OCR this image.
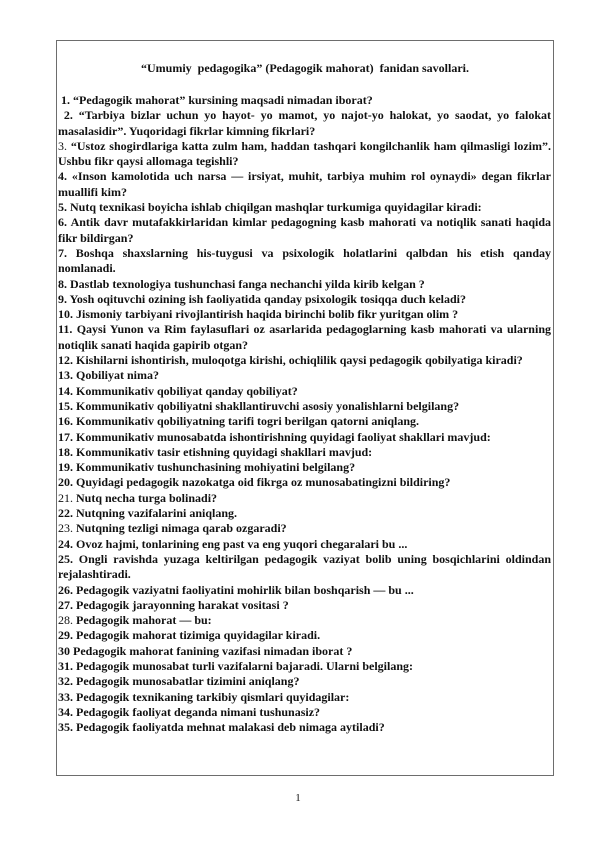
“Umumiy  pedagogika” (Pedagogik mahorat)  fanidan savollari.
1. “Pedagogik mahorat” kursining maqsadi nimadan iborat?
2. “Tarbiya bizlar uchun yo hayot- yo mamot, yo najot-yo halokat, yo saodat, yo falokat masalasidir”. Yuqoridagi fikrlar kimning fikrlari?
3. “Ustoz shogirdlariga katta zulm ham, haddan tashqari kongilchanlik ham qilmasligi lozim”. Ushbu fikr qaysi allomaga tegishli?
4. «Inson kamolotida uch narsa — irsiyat, muhit, tarbiya muhim rol oynaydi» degan fikrlar muallifi kim?
5. Nutq texnikasi boyicha ishlab chiqilgan mashqlar turkumiga quyidagilar kiradi:
6. Antik davr mutafakkirlaridan kimlar pedagogning kasb mahorati va notiqlik sanati haqida fikr bildirgan?
7. Boshqa shaxslarning his-tuygusi va psixologik holatlarini qalbdan his etish qanday nomlanadi.
8. Dastlab texnologiya tushunchasi fanga nechanchi yilda kirib kelgan ?
9. Yosh oqituvchi ozining ish faoliyatida qanday psixologik tosiqqa duch keladi?
10. Jismoniy tarbiyani rivojlantirish haqida birinchi bolib fikr yuritgan olim ?
11. Qaysi Yunon va Rim faylasuflari oz asarlarida pedagoglarning kasb mahorati va ularning notiqlik sanati haqida gapirib otgan?
12. Kishilarni ishontirish, muloqotga kirishi, ochiqlilik qaysi pedagogik qobilyatiga kiradi?
13. Qobiliyat nima?
14. Kommunikativ qobiliyat qanday qobiliyat?
15. Kommunikativ qobiliyatni shakllantiruvchi asosiy yonalishlarni belgilang?
16. Kommunikativ qobiliyatning tarifi togri berilgan qatorni aniqlang.
17. Kommunikativ munosabatda ishontirishning quyidagi faoliyat shakllari mavjud:
18. Kommunikativ tasir etishning quyidagi shakllari mavjud:
19. Kommunikativ tushunchasining mohiyatini belgilang?
20. Quyidagi pedagogik nazokatga oid fikrga oz munosabatingizni bildiring?
21. Nutq necha turga bolinadi?
22. Nutqning vazifalarini aniqlang.
23. Nutqning tezligi nimaga qarab ozgaradi?
24. Ovoz hajmi, tonlarining eng past va eng yuqori chegaralari bu ...
25. Ongli ravishda yuzaga keltirilgan pedagogik vaziyat bolib uning bosqichlarini oldindan rejalashtiradi.
26. Pedagogik vaziyatni faoliyatini mohirlik bilan boshqarish — bu ...
27. Pedagogik jarayonning harakat vositasi ?
28. Pedagogik mahorat — bu:
29. Pedagogik mahorat tizimiga quyidagilar kiradi.
30 Pedagogik mahorat fanining vazifasi nimadan iborat ?
31. Pedagogik munosabat turli vazifalarni bajaradi. Ularni belgilang:
32. Pedagogik munosabatlar tizimini aniqlang?
33. Pedagogik texnikaning tarkibiy qismlari quyidagilar:
34. Pedagogik faoliyat deganda nimani tushunasiz?
35. Pedagogik faoliyatda mehnat malakasi deb nimaga aytiladi?
1
